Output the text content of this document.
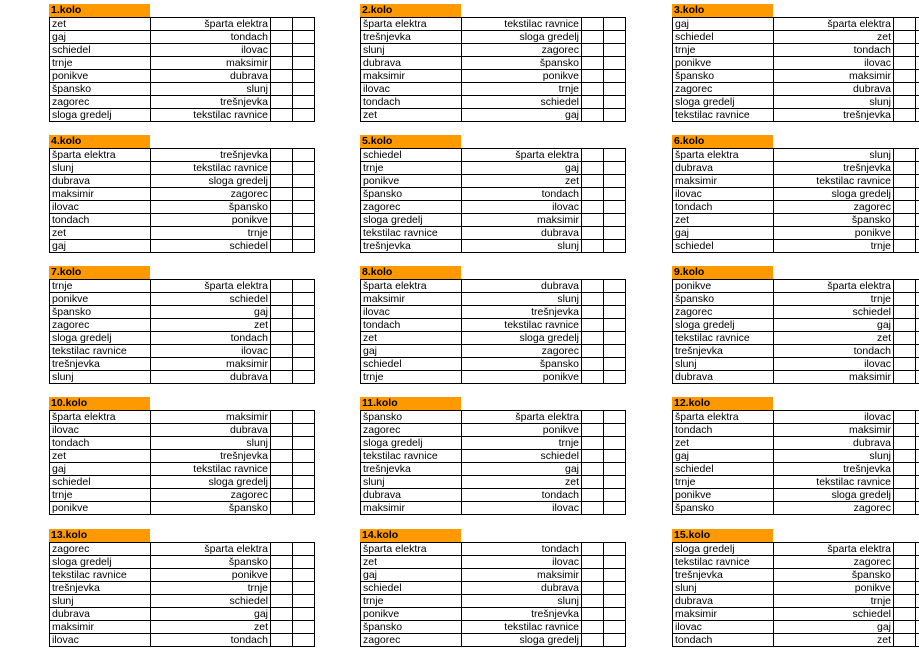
1.kolo
zet	šparta elektra		
gaj	tondach		
schiedel	ilovac		
trnje	maksimir		
ponikve	dubrava		
špansko	slunj		
zagorec	trešnjevka		
sloga gredelj	tekstilac ravnice		
2.kolo
šparta elektra	tekstilac ravnice		
trešnjevka	sloga gredelj		
slunj	zagorec		
dubrava	špansko		
maksimir	ponikve		
ilovac	trnje		
tondach	schiedel		
zet	gaj		
3.kolo
gaj	šparta elektra		
schiedel	zet		
trnje	tondach		
ponikve	ilovac		
špansko	maksimir		
zagorec	dubrava		
sloga gredelj	slunj		
tekstilac ravnice	trešnjevka		
4.kolo
šparta elektra	trešnjevka		
slunj	tekstilac ravnice		
dubrava	sloga gredelj		
maksimir	zagorec		
ilovac	špansko		
tondach	ponikve		
zet	trnje		
gaj	schiedel		
5.kolo
schiedel	šparta elektra		
trnje	gaj		
ponikve	zet		
špansko	tondach		
zagorec	ilovac		
sloga gredelj	maksimir		
tekstilac ravnice	dubrava		
trešnjevka	slunj		
6.kolo
šparta elektra	slunj		
dubrava	trešnjevka		
maksimir	tekstilac ravnice		
ilovac	sloga gredelj		
tondach	zagorec		
zet	špansko		
gaj	ponikve		
schiedel	trnje		
7.kolo
trnje	šparta elektra		
ponikve	schiedel		
špansko	gaj		
zagorec	zet		
sloga gredelj	tondach		
tekstilac ravnice	ilovac		
trešnjevka	maksimir		
slunj	dubrava		
8.kolo
šparta elektra	dubrava		
maksimir	slunj		
ilovac	trešnjevka		
tondach	tekstilac ravnice		
zet	sloga gredelj		
gaj	zagorec		
schiedel	špansko		
trnje	ponikve		
9.kolo
ponikve	šparta elektra		
špansko	trnje		
zagorec	schiedel		
sloga gredelj	gaj		
tekstilac ravnice	zet		
trešnjevka	tondach		
slunj	ilovac		
dubrava	maksimir		
10.kolo
šparta elektra	maksimir		
ilovac	dubrava		
tondach	slunj		
zet	trešnjevka		
gaj	tekstilac ravnice		
schiedel	sloga gredelj		
trnje	zagorec		
ponikve	špansko		
11.kolo
špansko	šparta elektra		
zagorec	ponikve		
sloga gredelj	trnje		
tekstilac ravnice	schiedel		
trešnjevka	gaj		
slunj	zet		
dubrava	tondach		
maksimir	ilovac		
12.kolo
šparta elektra	ilovac		
tondach	maksimir		
zet	dubrava		
gaj	slunj		
schiedel	trešnjevka		
trnje	tekstilac ravnice		
ponikve	sloga gredelj		
špansko	zagorec		
13.kolo
zagorec	šparta elektra		
sloga gredelj	špansko		
tekstilac ravnice	ponikve		
trešnjevka	trnje		
slunj	schiedel		
dubrava	gaj		
maksimir	zet		
ilovac	tondach		
14.kolo
šparta elektra	tondach		
zet	ilovac		
gaj	maksimir		
schiedel	dubrava		
trnje	slunj		
ponikve	trešnjevka		
špansko	tekstilac ravnice		
zagorec	sloga gredelj		
15.kolo
sloga gredelj	šparta elektra		
tekstilac ravnice	zagorec		
trešnjevka	špansko		
slunj	ponikve		
dubrava	trnje		
maksimir	schiedel		
ilovac	gaj		
tondach	zet		
